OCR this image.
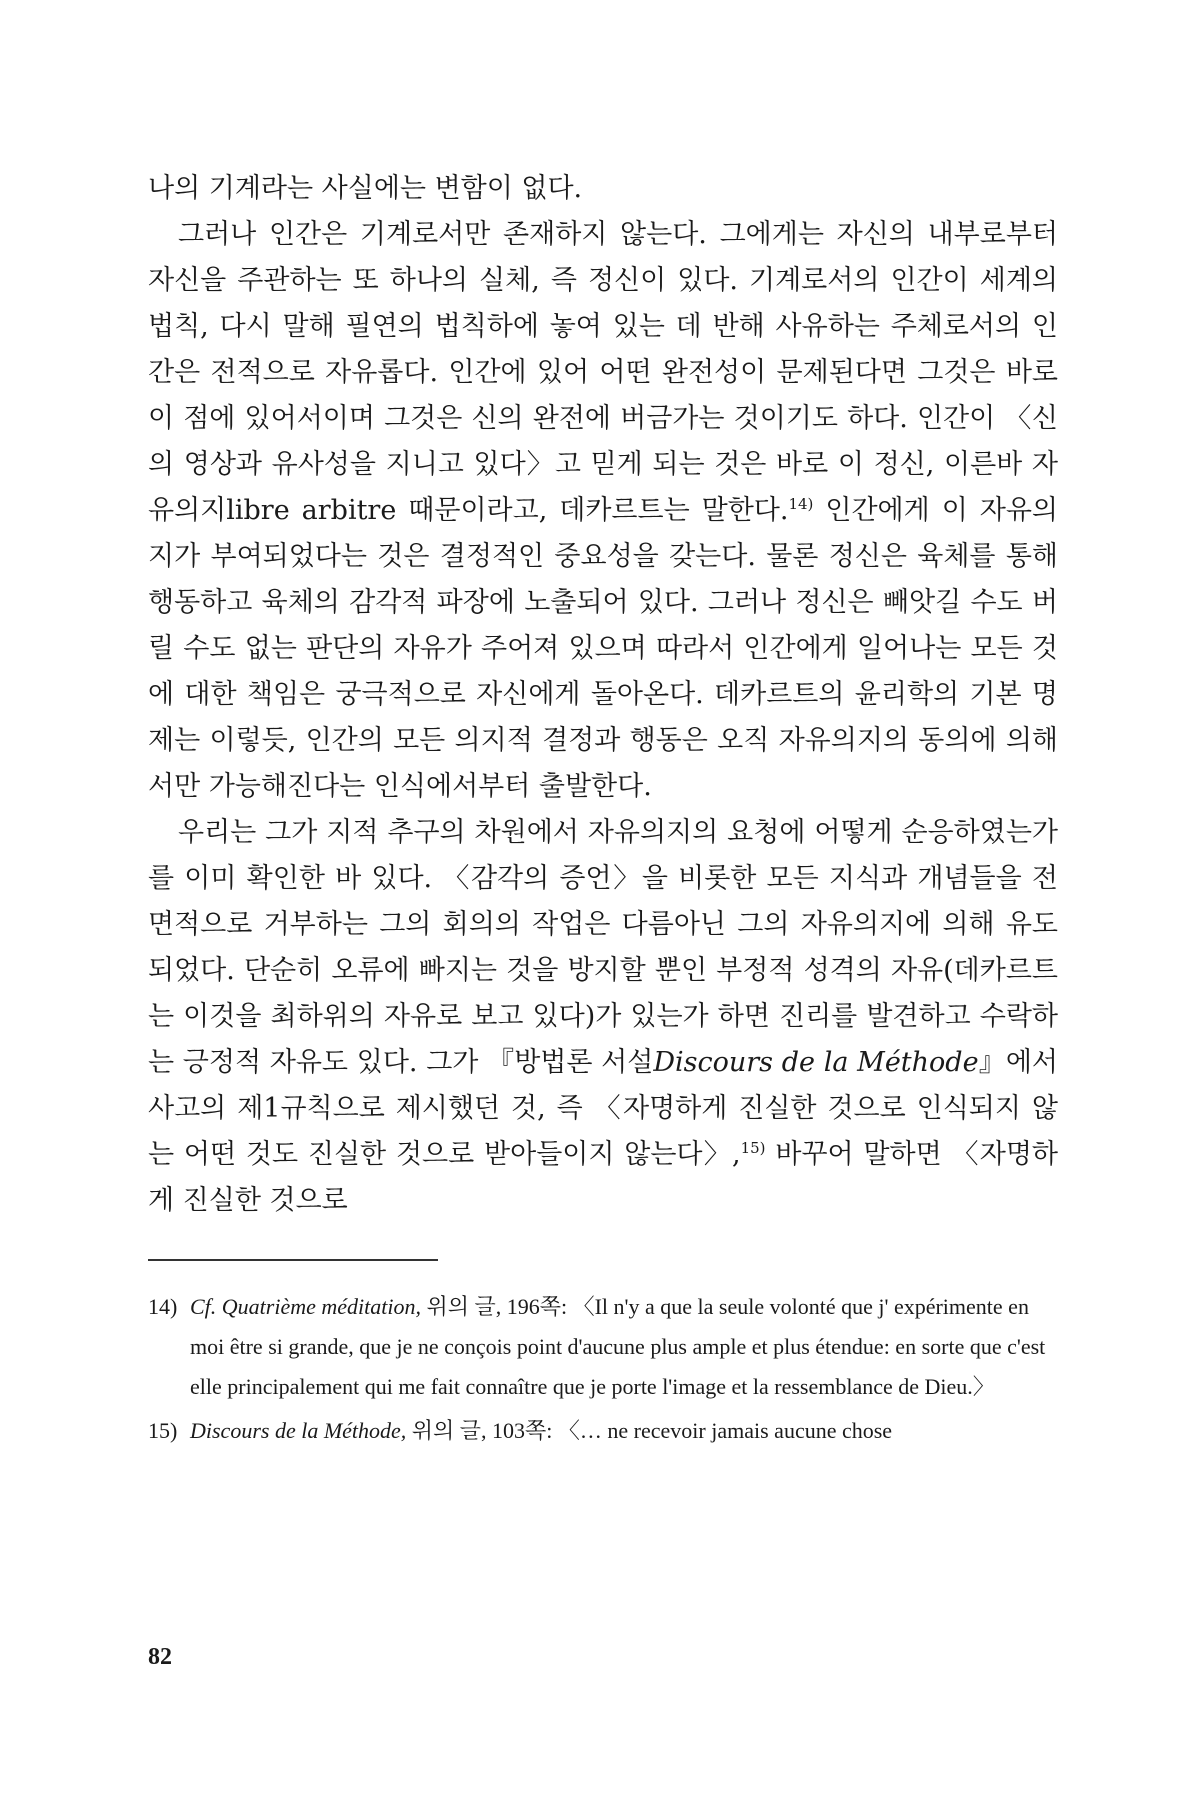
나의 기계라는 사실에는 변함이 없다.

그러나 인간은 기계로서만 존재하지 않는다. 그에게는 자신의 내부로부터 자신을 주관하는 또 하나의 실체, 즉 정신이 있다. 기계로서의 인간이 세계의 법칙, 다시 말해 필연의 법칙하에 놓여 있는 데 반해 사유하는 주체로서의 인간은 전적으로 자유롭다. 인간에 있어 어떤 완전성이 문제된다면 그것은 바로 이 점에 있어서이며 그것은 신의 완전에 버금가는 것이기도 하다. 인간이 〈신의 영상과 유사성을 지니고 있다〉고 믿게 되는 것은 바로 이 정신, 이른바 자유의지libre arbitre 때문이라고, 데카르트는 말한다.$^{14)}$ 인간에게 이 자유의지가 부여되었다는 것은 결정적인 중요성을 갖는다. 물론 정신은 육체를 통해 행동하고 육체의 감각적 파장에 노출되어 있다. 그러나 정신은 빼앗길 수도 버릴 수도 없는 판단의 자유가 주어져 있으며 따라서 인간에게 일어나는 모든 것에 대한 책임은 궁극적으로 자신에게 돌아온다. 데카르트의 윤리학의 기본 명제는 이렇듯, 인간의 모든 의지적 결정과 행동은 오직 자유의지의 동의에 의해서만 가능해진다는 인식에서부터 출발한다.

우리는 그가 지적 추구의 차원에서 자유의지의 요청에 어떻게 순응하였는가를 이미 확인한 바 있다. 〈감각의 증언〉을 비롯한 모든 지식과 개념들을 전면적으로 거부하는 그의 회의의 작업은 다름아닌 그의 자유의지에 의해 유도되었다. 단순히 오류에 빠지는 것을 방지할 뿐인 부정적 성격의 자유(데카르트는 이것을 최하위의 자유로 보고 있다)가 있는가 하면 진리를 발견하고 수락하는 긍정적 자유도 있다. 그가 『방법론 서설Discours de la Méthode』에서 사고의 제1규칙으로 제시했던 것, 즉 〈자명하게 진실한 것으로 인식되지 않는 어떤 것도 진실한 것으로 받아들이지 않는다〉,$^{15)}$ 바꾸어 말하면 〈자명하게 진실한 것으로

14) Cf. Quatrième méditation, 위의 글, 196쪽: 〈Il n'y a que la seule volonté que j' expérimente en moi être si grande, que je ne conçois point d'aucune plus ample et plus étendue: en sorte que c'est elle principalement qui me fait connaître que je porte l'image et la ressemblance de Dieu.〉
15) Discours de la Méthode, 위의 글, 103쪽: 〈… ne recevoir jamais aucune chose
82
